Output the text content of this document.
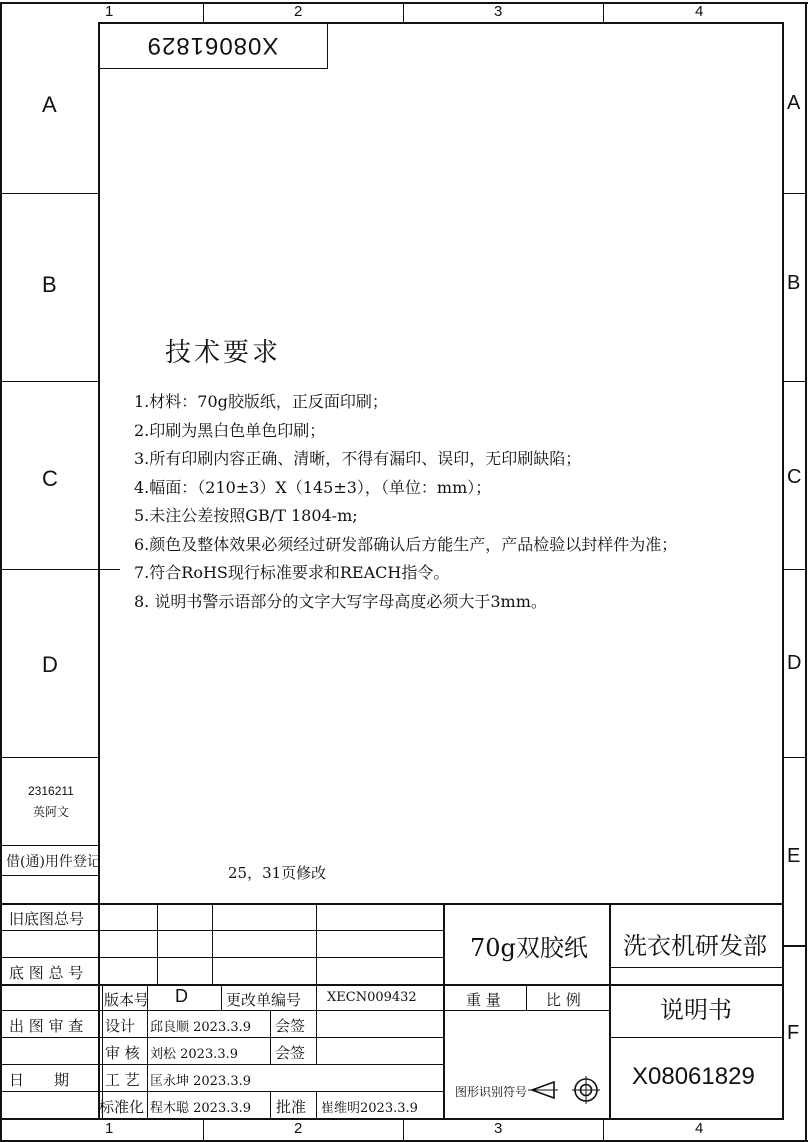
1	2	3	4
1	2	3	4
A
B
C
D
A
B
C
D
E
F
X08061829
2316211
英阿文
借(通)用件登记
技术要求
1.材料：70g胶版纸，正反面印刷；
2.印刷为黑白色单色印刷；
3.所有印刷内容正确、清晰，不得有漏印、误印，无印刷缺陷；
4.幅面：（210±3）X（145±3），（单位：mm）；
5.未注公差按照GB/T 1804-m;
6.颜色及整体效果必须经过研发部确认后方能生产，产品检验以封样件为准；
7.符合RoHS现行标准要求和REACH指令。
8. 说明书警示语部分的文字大写字母高度必须大于3mm。
25，31页修改
旧底图总号
底 图 总 号
出 图 审 查
日　　期
版本号 D	更改单编号 XECN009432	重 量	比 例
设计 邱良顺 2023.3.9 会签
审 核 刘松 2023.3.9 会签
工 艺 匡永坤 2023.3.9
标准化 程木聪 2023.3.9 批准 崔维明2023.3.9
70g双胶纸 洗衣机研发部
说明书
X08061829
图形识别符号
